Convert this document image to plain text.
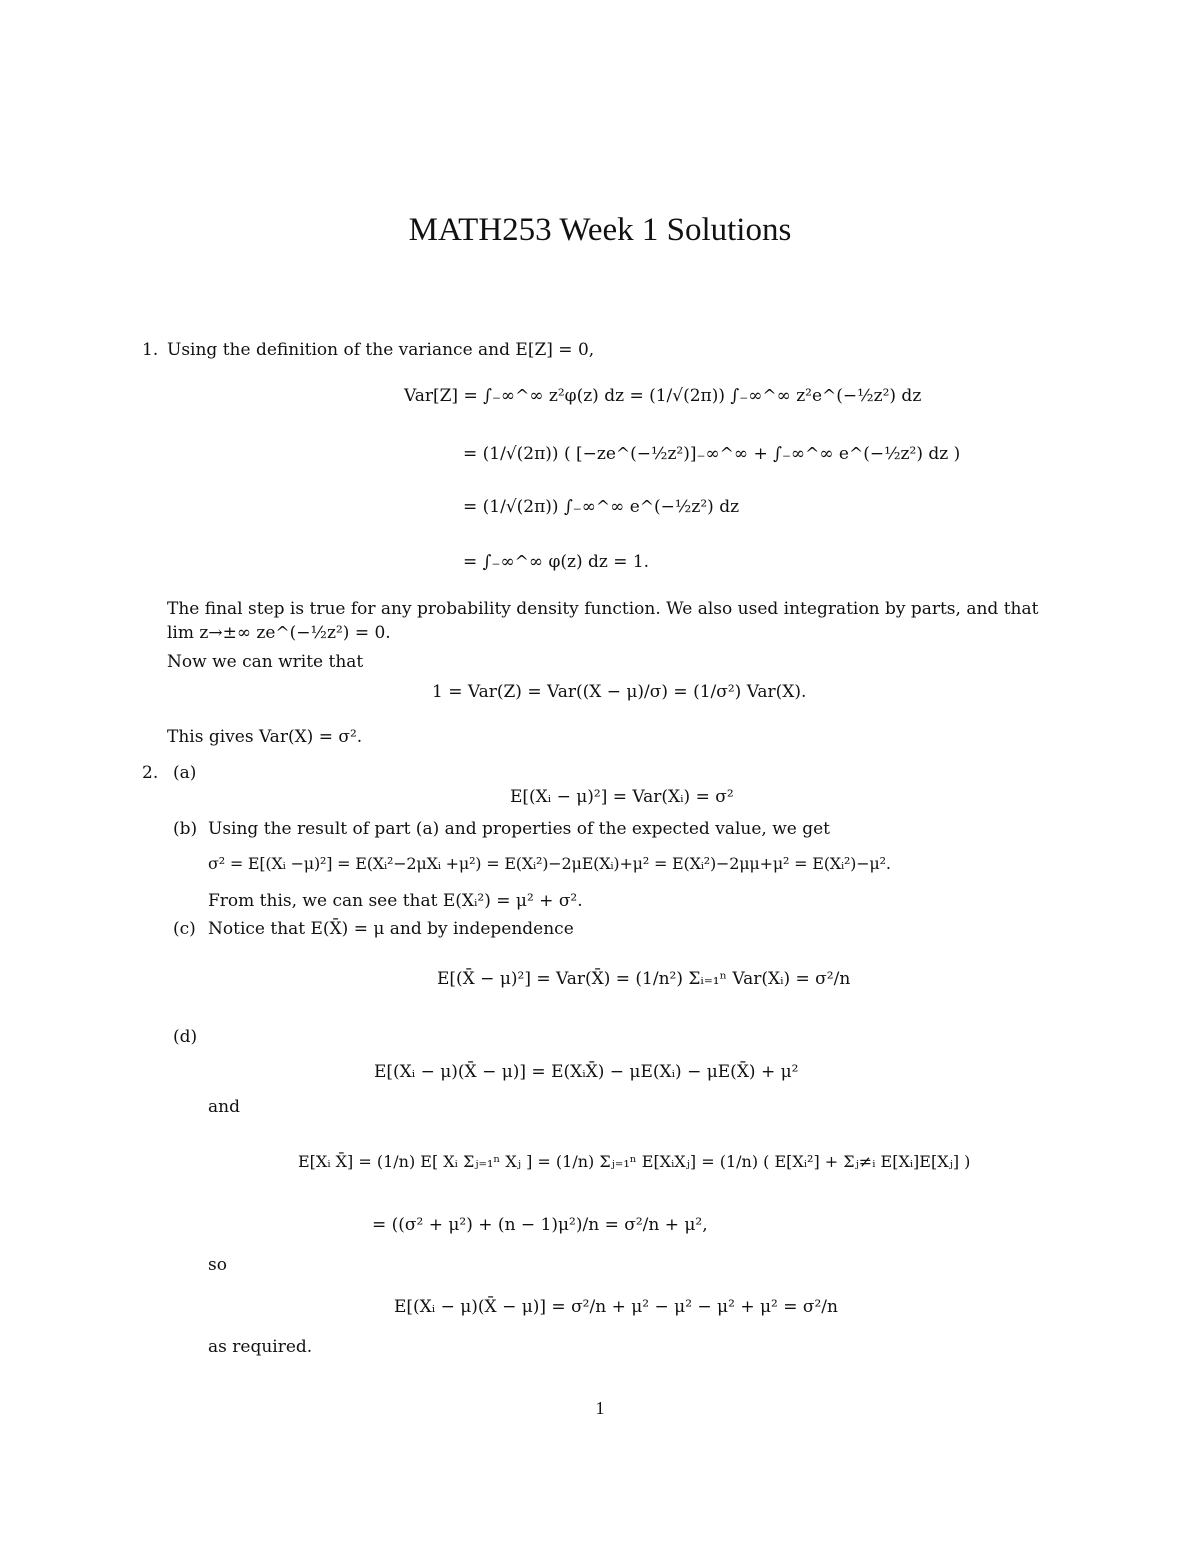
MATH253 Week 1 Solutions
1. Using the definition of the variance and E[Z] = 0,
Var[Z] = ∫₋∞^∞ z²φ(z) dz = (1/√(2π)) ∫₋∞^∞ z²e^(−½z²) dz
= (1/√(2π)) ( [−ze^(−½z²)]₋∞^∞ + ∫₋∞^∞ e^(−½z²) dz )
= (1/√(2π)) ∫₋∞^∞ e^(−½z²) dz
= ∫₋∞^∞ φ(z) dz = 1.
The final step is true for any probability density function. We also used integration by parts, and that
lim z→±∞ ze^(−½z²) = 0.
Now we can write that
1 = Var(Z) = Var((X − μ)/σ) = (1/σ²) Var(X).
This gives Var(X) = σ².
2. (a)
E[(Xᵢ − μ)²] = Var(Xᵢ) = σ²
(b) Using the result of part (a) and properties of the expected value, we get
σ² = E[(Xᵢ −μ)²] = E(Xᵢ²−2μXᵢ +μ²) = E(Xᵢ²)−2μE(Xᵢ)+μ² = E(Xᵢ²)−2μμ+μ² = E(Xᵢ²)−μ².
From this, we can see that E(Xᵢ²) = μ² + σ².
(c) Notice that E(X̄) = μ and by independence
E[(X̄ − μ)²] = Var(X̄) = (1/n²) Σᵢ₌₁ⁿ Var(Xᵢ) = σ²/n
(d)
E[(Xᵢ − μ)(X̄ − μ)] = E(XᵢX̄) − μE(Xᵢ) − μE(X̄) + μ²
and
E[Xᵢ X̄] = (1/n) E[ Xᵢ Σⱼ₌₁ⁿ Xⱼ ] = (1/n) Σⱼ₌₁ⁿ E[XᵢXⱼ] = (1/n) ( E[Xᵢ²] + Σⱼ≠ᵢ E[Xᵢ]E[Xⱼ] )
= ((σ² + μ²) + (n − 1)μ²)/n = σ²/n + μ²,
so
E[(Xᵢ − μ)(X̄ − μ)] = σ²/n + μ² − μ² − μ² + μ² = σ²/n
as required.
1
